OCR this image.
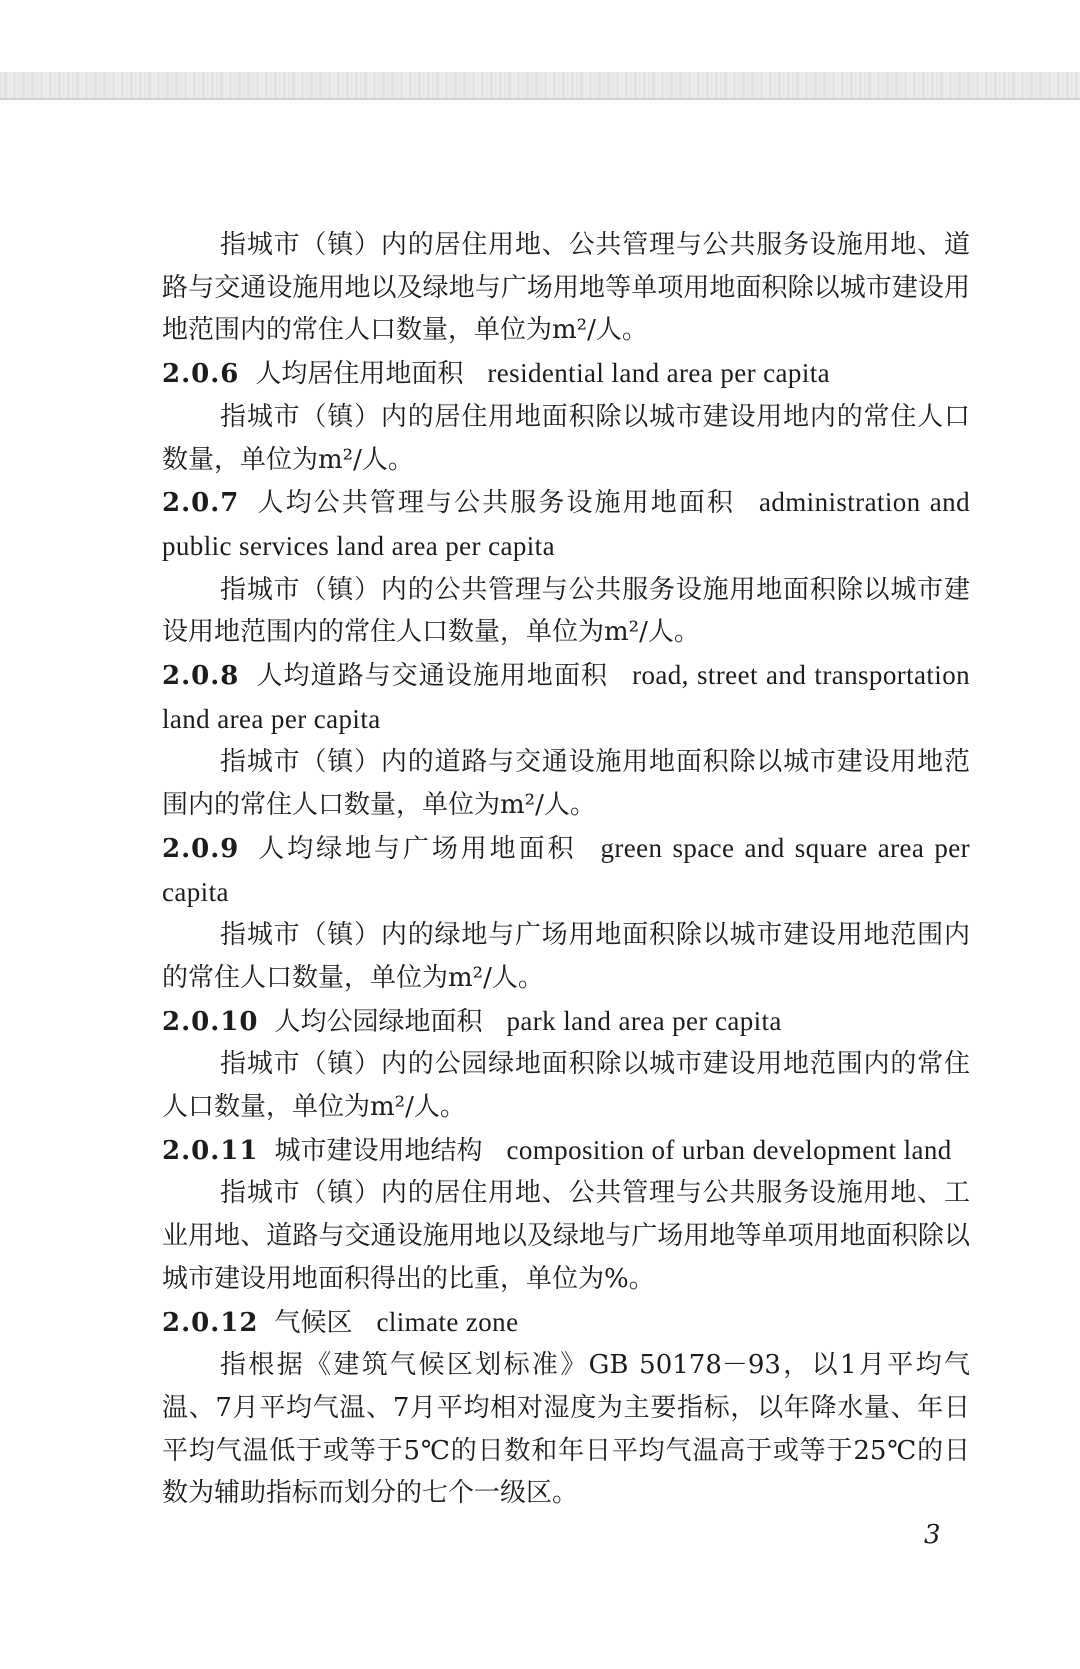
指城市（镇）内的居住用地、公共管理与公共服务设施用地、道路与交通设施用地以及绿地与广场用地等单项用地面积除以城市建设用地范围内的常住人口数量，单位为m²/人。

2.0.6 人均居住用地面积 residential land area per capita

指城市（镇）内的居住用地面积除以城市建设用地内的常住人口数量，单位为m²/人。

2.0.7 人均公共管理与公共服务设施用地面积 administration and public services land area per capita

指城市（镇）内的公共管理与公共服务设施用地面积除以城市建设用地范围内的常住人口数量，单位为m²/人。

2.0.8 人均道路与交通设施用地面积 road, street and transportation land area per capita

指城市（镇）内的道路与交通设施用地面积除以城市建设用地范围内的常住人口数量，单位为m²/人。

2.0.9 人均绿地与广场用地面积 green space and square area per capita

指城市（镇）内的绿地与广场用地面积除以城市建设用地范围内的常住人口数量，单位为m²/人。

2.0.10 人均公园绿地面积 park land area per capita

指城市（镇）内的公园绿地面积除以城市建设用地范围内的常住人口数量，单位为m²/人。

2.0.11 城市建设用地结构 composition of urban development land

指城市（镇）内的居住用地、公共管理与公共服务设施用地、工业用地、道路与交通设施用地以及绿地与广场用地等单项用地面积除以城市建设用地面积得出的比重，单位为%。

2.0.12 气候区 climate zone

指根据《建筑气候区划标准》GB 50178－93，以1月平均气温、7月平均气温、7月平均相对湿度为主要指标，以年降水量、年日平均气温低于或等于5℃的日数和年日平均气温高于或等于25℃的日数为辅助指标而划分的七个一级区。

3
